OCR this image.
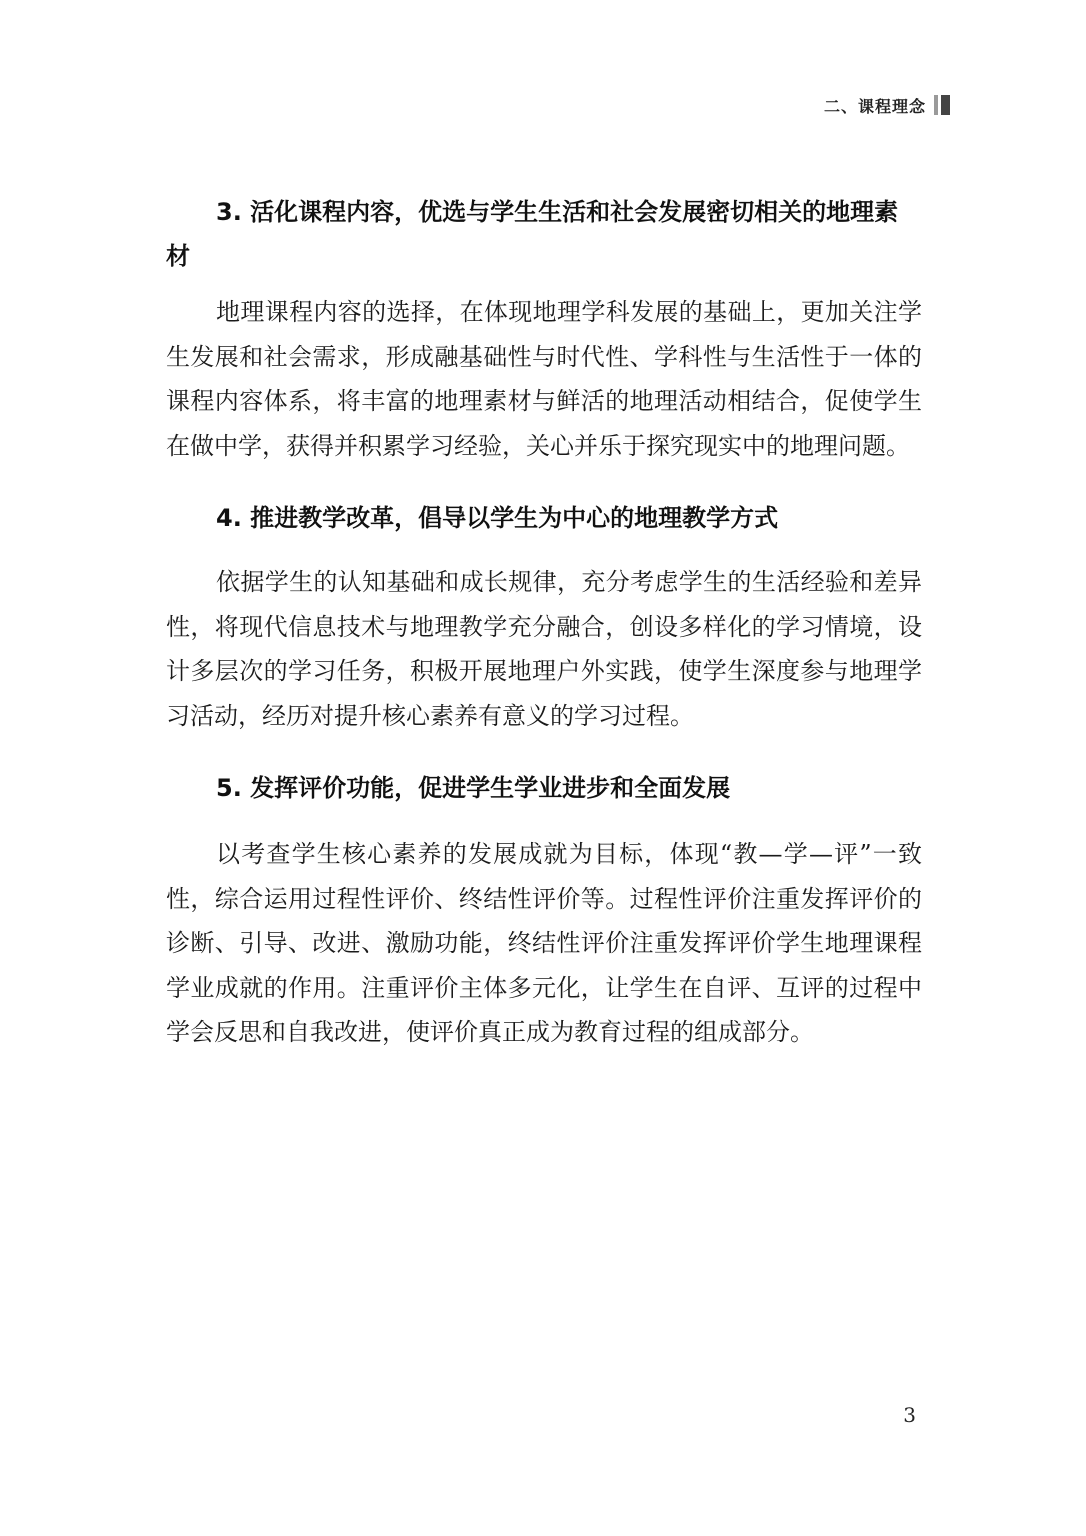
二、课程理念
3. 活化课程内容，优选与学生生活和社会发展密切相关的地理素材

地理课程内容的选择，在体现地理学科发展的基础上，更加关注学生发展和社会需求，形成融基础性与时代性、学科性与生活性于一体的课程内容体系，将丰富的地理素材与鲜活的地理活动相结合，促使学生在做中学，获得并积累学习经验，关心并乐于探究现实中的地理问题。

4. 推进教学改革，倡导以学生为中心的地理教学方式

依据学生的认知基础和成长规律，充分考虑学生的生活经验和差异性，将现代信息技术与地理教学充分融合，创设多样化的学习情境，设计多层次的学习任务，积极开展地理户外实践，使学生深度参与地理学习活动，经历对提升核心素养有意义的学习过程。

5. 发挥评价功能，促进学生学业进步和全面发展

以考查学生核心素养的发展成就为目标，体现“教—学—评”一致性，综合运用过程性评价、终结性评价等。过程性评价注重发挥评价的诊断、引导、改进、激励功能，终结性评价注重发挥评价学生地理课程学业成就的作用。注重评价主体多元化，让学生在自评、互评的过程中学会反思和自我改进，使评价真正成为教育过程的组成部分。

3
